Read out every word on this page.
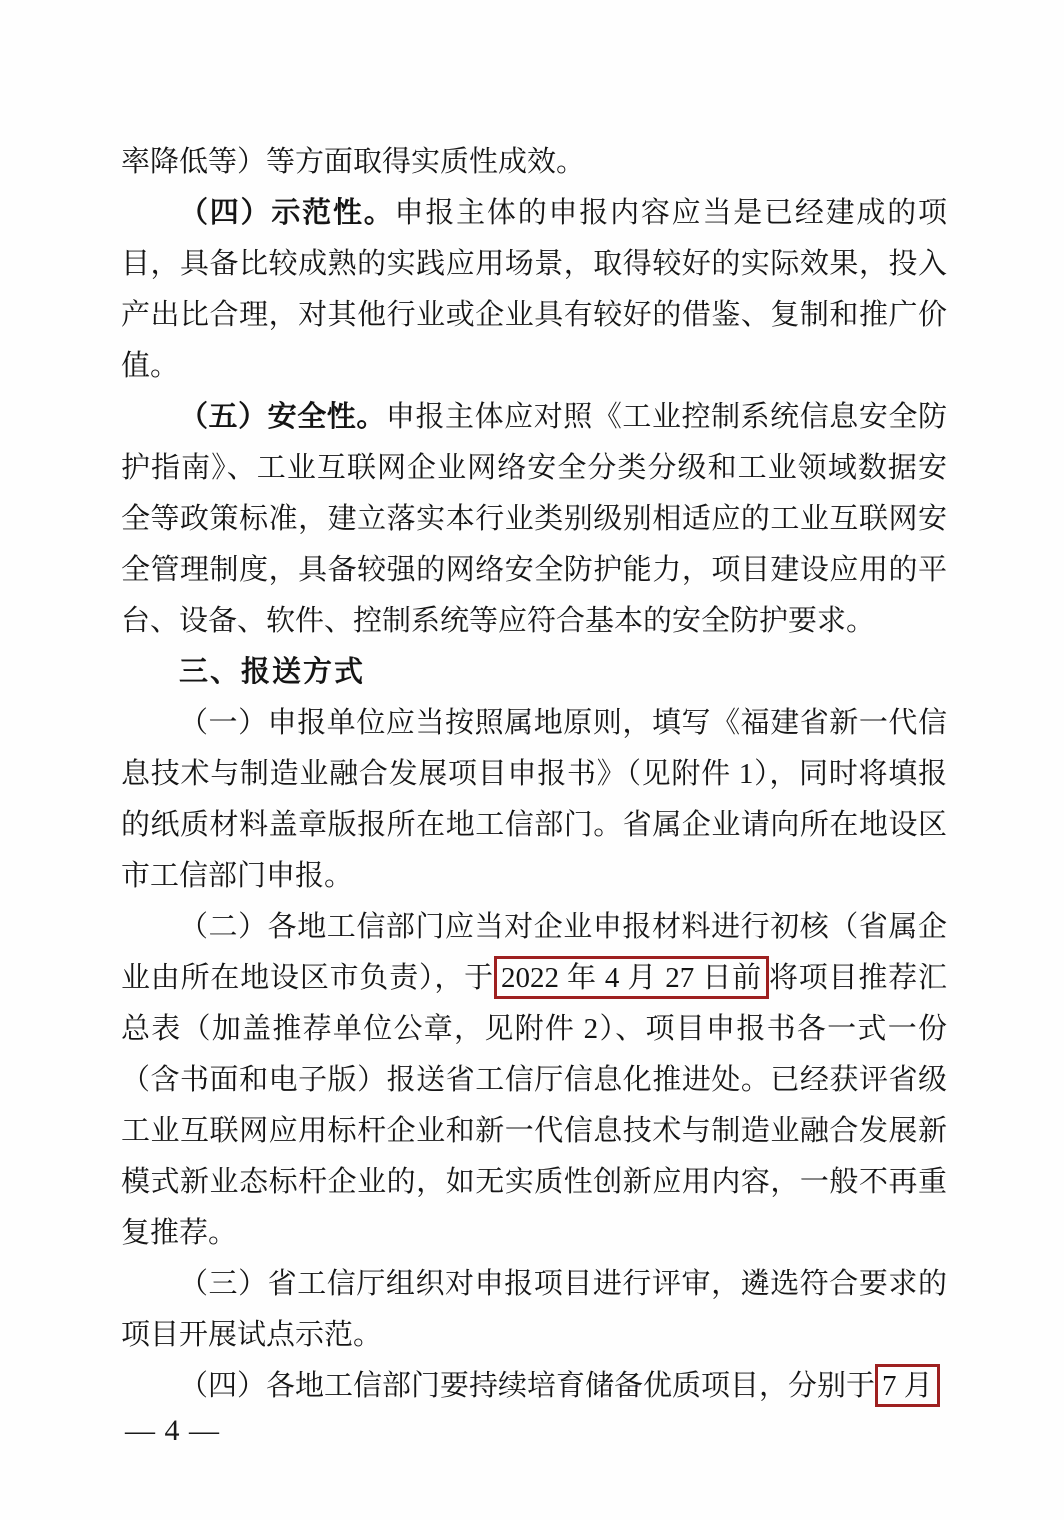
率降低等）等方面取得实质性成效。

（四）示范性。申报主体的申报内容应当是已经建成的项目，具备比较成熟的实践应用场景，取得较好的实际效果，投入产出比合理，对其他行业或企业具有较好的借鉴、复制和推广价值。

（五）安全性。申报主体应对照《工业控制系统信息安全防护指南》、工业互联网企业网络安全分类分级和工业领域数据安全等政策标准，建立落实本行业类别级别相适应的工业互联网安全管理制度，具备较强的网络安全防护能力，项目建设应用的平台、设备、软件、控制系统等应符合基本的安全防护要求。

三、报送方式

（一）申报单位应当按照属地原则，填写《福建省新一代信息技术与制造业融合发展项目申报书》（见附件 1），同时将填报的纸质材料盖章版报所在地工信部门。省属企业请向所在地设区市工信部门申报。

（二）各地工信部门应当对企业申报材料进行初核（省属企业由所在地设区市负责），于 2022 年 4 月 27 日前 将项目推荐汇总表（加盖推荐单位公章，见附件 2）、项目申报书各一式一份（含书面和电子版）报送省工信厅信息化推进处。已经获评省级工业互联网应用标杆企业和新一代信息技术与制造业融合发展新模式新业态标杆企业的，如无实质性创新应用内容，一般不再重复推荐。

（三）省工信厅组织对申报项目进行评审，遴选符合要求的项目开展试点示范。

（四）各地工信部门要持续培育储备优质项目，分别于 7 月

— 4 —
